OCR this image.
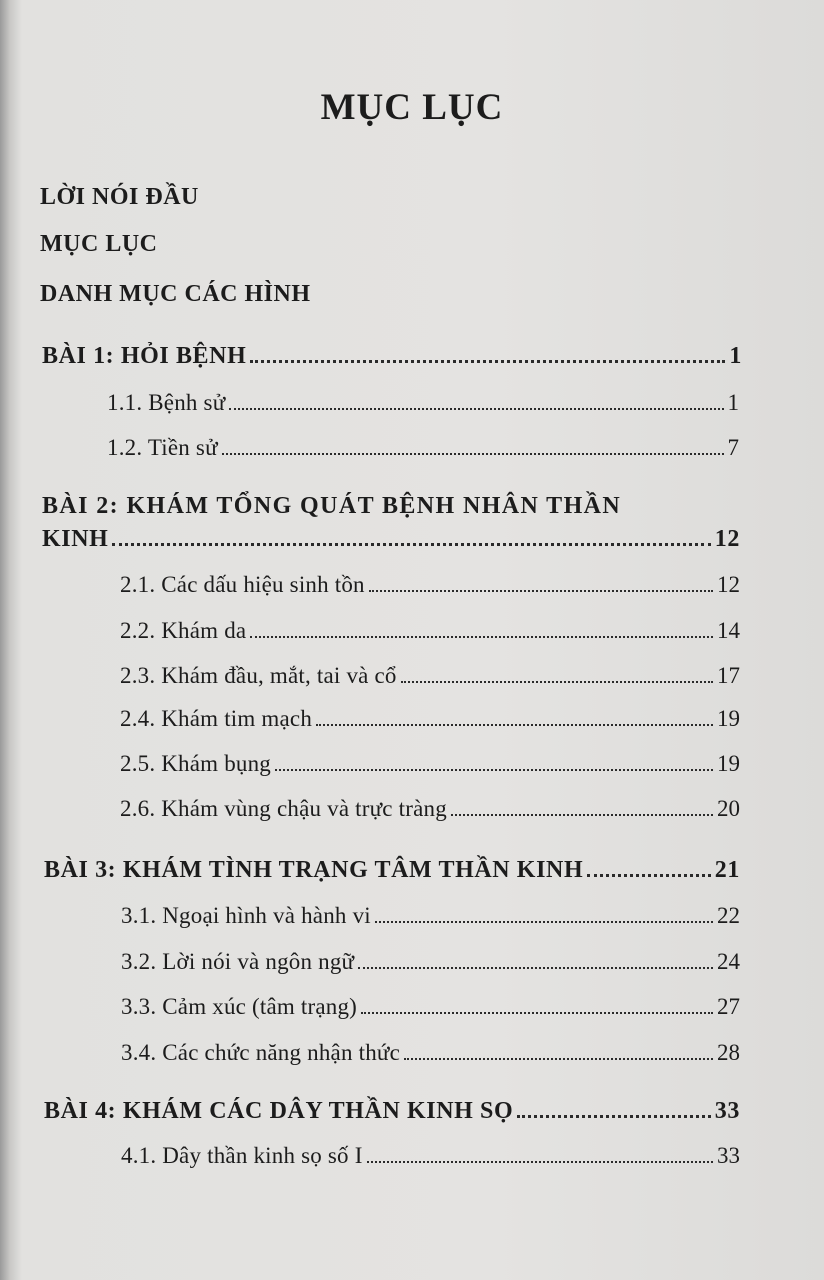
MỤC LỤC
LỜI NÓI ĐẦU
MỤC LỤC
DANH MỤC CÁC HÌNH
BÀI 1: HỎI BỆNH	1
1.1. Bệnh sử	1
1.2. Tiền sử	7
BÀI 2: KHÁM TỔNG QUÁT BỆNH NHÂN THẦN
KINH	12
2.1. Các dấu hiệu sinh tồn	12
2.2. Khám da	14
2.3. Khám đầu, mắt, tai và cổ	17
2.4. Khám tim mạch	19
2.5. Khám bụng	19
2.6. Khám vùng chậu và trực tràng	20
BÀI 3: KHÁM TÌNH TRẠNG TÂM THẦN KINH	21
3.1. Ngoại hình và hành vi	22
3.2. Lời nói và ngôn ngữ	24
3.3. Cảm xúc (tâm trạng)	27
3.4. Các chức năng nhận thức	28
BÀI 4: KHÁM CÁC DÂY THẦN KINH SỌ	33
4.1. Dây thần kinh sọ số I	33
